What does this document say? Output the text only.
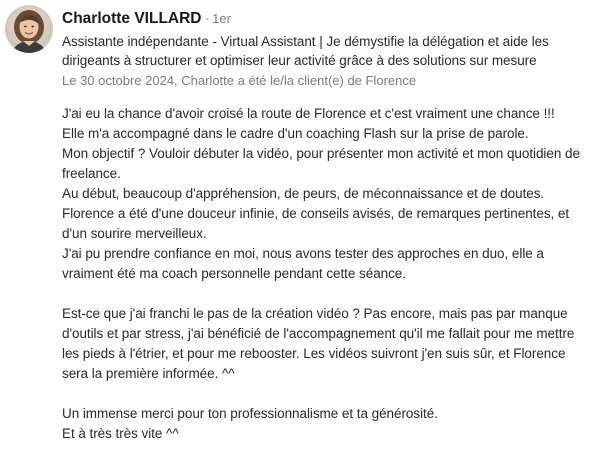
Charlotte VILLARD · 1er
Assistante indépendante - Virtual Assistant | Je démystifie la délégation et aide les dirigeants à structurer et optimiser leur activité grâce à des solutions sur mesure
Le 30 octobre 2024, Charlotte a été le/la client(e) de Florence
J'ai eu la chance d'avoir croisé la route de Florence et c'est vraiment une chance !!!
Elle m'a accompagné dans le cadre d'un coaching Flash sur la prise de parole.
Mon objectif ? Vouloir débuter la vidéo, pour présenter mon activité et mon quotidien de freelance.
Au début, beaucoup d'appréhension, de peurs, de méconnaissance et de doutes.
Florence a été d'une douceur infinie, de conseils avisés, de remarques pertinentes, et d'un sourire merveilleux.
J'ai pu prendre confiance en moi, nous avons tester des approches en duo, elle a vraiment été ma coach personnelle pendant cette séance.
Est-ce que j'ai franchi le pas de la création vidéo ? Pas encore, mais pas par manque d'outils et par stress, j'ai bénéficié de l'accompagnement qu'il me fallait pour me mettre les pieds à l'étrier, et pour me rebooster. Les vidéos suivront j'en suis sûr, et Florence sera la première informée. ^^
Un immense merci pour ton professionnalisme et ta générosité.
Et à très très vite ^^
